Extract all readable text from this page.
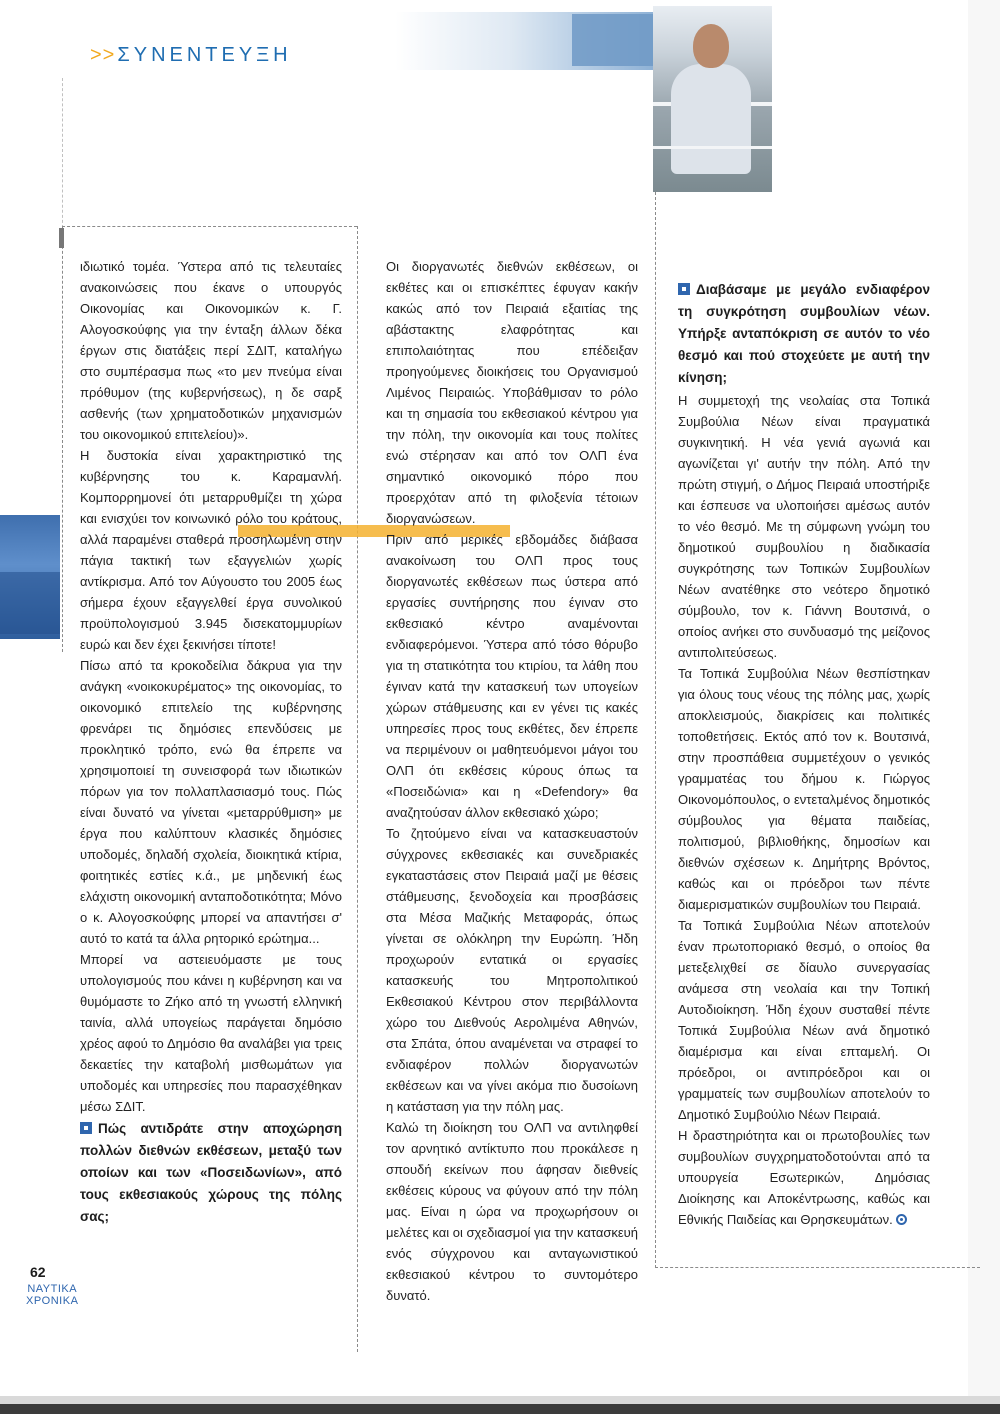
>> ΣΥΝΕΝΤΕΥΞΗ

ιδιωτικό τομέα. Ύστερα από τις τελευταίες ανακοινώσεις που έκανε ο υπουργός Οικονομίας και Οικονομικών κ. Γ. Αλογοσκούφης για την ένταξη άλλων δέκα έργων στις διατάξεις περί ΣΔΙΤ, καταλήγω στο συμπέρασμα πως «το μεν πνεύμα είναι πρόθυμον (της κυβερνήσεως), η δε σαρξ ασθενής (των χρηματοδοτικών μηχανισμών του οικονομικού επιτελείου)».

Η δυστοκία είναι χαρακτηριστικό της κυβέρνησης του κ. Καραμανλή. Κομπορρημονεί ότι μεταρρυθμίζει τη χώρα και ενισχύει τον κοινωνικό ρόλο του κράτους, αλλά παραμένει σταθερά προσηλωμένη στην πάγια τακτική των εξαγγελιών χωρίς αντίκρισμα. Από τον Αύγουστο του 2005 έως σήμερα έχουν εξαγγελθεί έργα συνολικού προϋπολογισμού 3.945 δισεκατομμυρίων ευρώ και δεν έχει ξεκινήσει τίποτε!

Πίσω από τα κροκοδείλια δάκρυα για την ανάγκη «νοικοκυρέματος» της οικονομίας, το οικονομικό επιτελείο της κυβέρνησης φρενάρει τις δημόσιες επενδύσεις με προκλητικό τρόπο, ενώ θα έπρεπε να χρησιμοποιεί τη συνεισφορά των ιδιωτικών πόρων για τον πολλαπλασιασμό τους. Πώς είναι δυνατό να γίνεται «μεταρρύθμιση» με έργα που καλύπτουν κλασικές δημόσιες υποδομές, δηλαδή σχολεία, διοικητικά κτίρια, φοιτητικές εστίες κ.ά., με μηδενική έως ελάχιστη οικονομική ανταποδοτικότητα; Μόνο ο κ. Αλογοσκούφης μπορεί να απαντήσει σ' αυτό το κατά τα άλλα ρητορικό ερώτημα...

Μπορεί να αστειευόμαστε με τους υπολογισμούς που κάνει η κυβέρνηση και να θυμόμαστε το Ζήκο από τη γνωστή ελληνική ταινία, αλλά υπογείως παράγεται δημόσιο χρέος αφού το Δημόσιο θα αναλάβει για τρεις δεκαετίες την καταβολή μισθωμάτων για υποδομές και υπηρεσίες που παρασχέθηκαν μέσω ΣΔΙΤ.

Πώς αντιδράτε στην αποχώρηση πολλών διεθνών εκθέσεων, μεταξύ των οποίων και των «Ποσειδωνίων», από τους εκθεσιακούς χώρους της πόλης σας;

Οι διοργανωτές διεθνών εκθέσεων, οι εκθέτες και οι επισκέπτες έφυγαν κακήν κακώς από τον Πειραιά εξαιτίας της αβάστακτης ελαφρότητας και επιπολαιότητας που επέδειξαν προηγούμενες διοικήσεις του Οργανισμού Λιμένος Πειραιώς. Υποβάθμισαν το ρόλο και τη σημασία του εκθεσιακού κέντρου για την πόλη, την οικονομία και τους πολίτες ενώ στέρησαν και από τον ΟΛΠ ένα σημαντικό οικονομικό πόρο που προερχόταν από τη φιλοξενία τέτοιων διοργανώσεων.

Πριν από μερικές εβδομάδες διάβασα ανακοίνωση του ΟΛΠ προς τους διοργανωτές εκθέσεων πως ύστερα από εργασίες συντήρησης που έγιναν στο εκθεσιακό κέντρο αναμένονται ενδιαφερόμενοι. Ύστερα από τόσο θόρυβο για τη στατικότητα του κτιρίου, τα λάθη που έγιναν κατά την κατασκευή των υπογείων χώρων στάθμευσης και εν γένει τις κακές υπηρεσίες προς τους εκθέτες, δεν έπρεπε να περιμένουν οι μαθητευόμενοι μάγοι του ΟΛΠ ότι εκθέσεις κύρους όπως τα «Ποσειδώνια» και η «Defendory» θα αναζητούσαν άλλον εκθεσιακό χώρο;

Το ζητούμενο είναι να κατασκευαστούν σύγχρονες εκθεσιακές και συνεδριακές εγκαταστάσεις στον Πειραιά μαζί με θέσεις στάθμευσης, ξενοδοχεία και προσβάσεις στα Μέσα Μαζικής Μεταφοράς, όπως γίνεται σε ολόκληρη την Ευρώπη. Ήδη προχωρούν εντατικά οι εργασίες κατασκευής του Μητροπολιτικού Εκθεσιακού Κέντρου στον περιβάλλοντα χώρο του Διεθνούς Αερολιμένα Αθηνών, στα Σπάτα, όπου αναμένεται να στραφεί το ενδιαφέρον πολλών διοργανωτών εκθέσεων και να γίνει ακόμα πιο δυσοίωνη η κατάσταση για την πόλη μας.

Καλώ τη διοίκηση του ΟΛΠ να αντιληφθεί τον αρνητικό αντίκτυπο που προκάλεσε η σπουδή εκείνων που άφησαν διεθνείς εκθέσεις κύρους να φύγουν από την πόλη μας. Είναι η ώρα να προχωρήσουν οι μελέτες και οι σχεδιασμοί για την κατασκευή ενός σύγχρονου και ανταγωνιστικού εκθεσιακού κέντρου το συντομότερο δυνατό.

Διαβάσαμε με μεγάλο ενδιαφέρον τη συγκρότηση συμβουλίων νέων. Υπήρξε ανταπόκριση σε αυτόν το νέο θεσμό και πού στοχεύετε με αυτή την κίνηση;

Η συμμετοχή της νεολαίας στα Τοπικά Συμβούλια Νέων είναι πραγματικά συγκινητική. Η νέα γενιά αγωνιά και αγωνίζεται γι' αυτήν την πόλη. Από την πρώτη στιγμή, ο Δήμος Πειραιά υποστήριξε και έσπευσε να υλοποιήσει αμέσως αυτόν το νέο θεσμό. Με τη σύμφωνη γνώμη του δημοτικού συμβουλίου η διαδικασία συγκρότησης των Τοπικών Συμβουλίων Νέων ανατέθηκε στο νεότερο δημοτικό σύμβουλο, τον κ. Γιάννη Βουτσινά, ο οποίος ανήκει στο συνδυασμό της μείζονος αντιπολιτεύσεως.

Τα Τοπικά Συμβούλια Νέων θεσπίστηκαν για όλους τους νέους της πόλης μας, χωρίς αποκλεισμούς, διακρίσεις και πολιτικές τοποθετήσεις. Εκτός από τον κ. Βουτσινά, στην προσπάθεια συμμετέχουν ο γενικός γραμματέας του δήμου κ. Γιώργος Οικονομόπουλος, ο εντεταλμένος δημοτικός σύμβουλος για θέματα παιδείας, πολιτισμού, βιβλιοθήκης, δημοσίων και διεθνών σχέσεων κ. Δημήτρης Βρόντος, καθώς και οι πρόεδροι των πέντε διαμερισματικών συμβουλίων του Πειραιά.

Τα Τοπικά Συμβούλια Νέων αποτελούν έναν πρωτοποριακό θεσμό, ο οποίος θα μετεξελιχθεί σε δίαυλο συνεργασίας ανάμεσα στη νεολαία και την Τοπική Αυτοδιοίκηση. Ήδη έχουν συσταθεί πέντε Τοπικά Συμβούλια Νέων ανά δημοτικό διαμέρισμα και είναι επταμελή. Οι πρόεδροι, οι αντιπρόεδροι και οι γραμματείς των συμβουλίων αποτελούν το Δημοτικό Συμβούλιο Νέων Πειραιά.

Η δραστηριότητα και οι πρωτοβουλίες των συμβουλίων συγχρηματοδοτούνται από τα υπουργεία Εσωτερικών, Δημόσιας Διοίκησης και Αποκέντρωσης, καθώς και Εθνικής Παιδείας και Θρησκευμάτων.

62
ΝΑΥΤΙΚΑ
ΧΡΟΝΙΚΑ
